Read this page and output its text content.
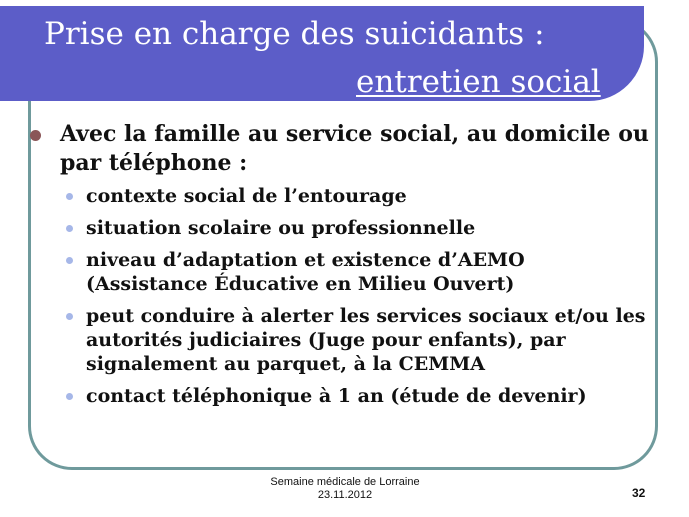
Prise en charge des suicidants :
entretien social
Avec la famille au service social, au domicile ou par téléphone :
contexte social de l’entourage
situation scolaire ou professionnelle
niveau d’adaptation et existence d’AEMO (Assistance Éducative en Milieu Ouvert)
peut conduire à alerter les services sociaux et/ou les autorités judiciaires (Juge pour enfants), par signalement au parquet, à la CEMMA
contact téléphonique à 1 an (étude de devenir)
Semaine médicale de Lorraine
23.11.2012	32
